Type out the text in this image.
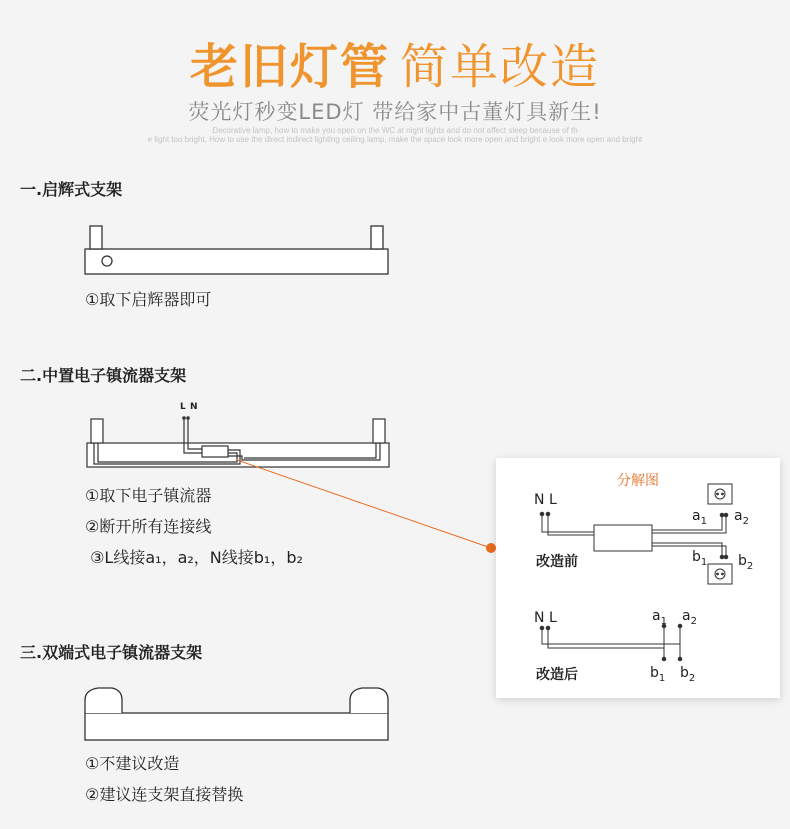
老旧灯管 简单改造
荧光灯秒变LED灯 带给家中古董灯具新生!
Decorative lamp, how to make you open on the WC at night lights and do not affect sleep because of th
e light too bright, How to use the direct indirect lighting ceiling lamp, make the space look more open and bright e look more open and bright
一.启辉式支架
①取下启辉器即可
二.中置电子镇流器支架
L N
①取下电子镇流器
②断开所有连接线
③L线接a₁，a₂，N线接b₁，b₂
三.双端式电子镇流器支架
①不建议改造
②建议连支架直接替换
分解图
N L
改造前
$a_1$ $a_2$
$b_1$ $b_2$
N L
改造后
$a_1$ $a_2$
$b_1$ $b_2$
